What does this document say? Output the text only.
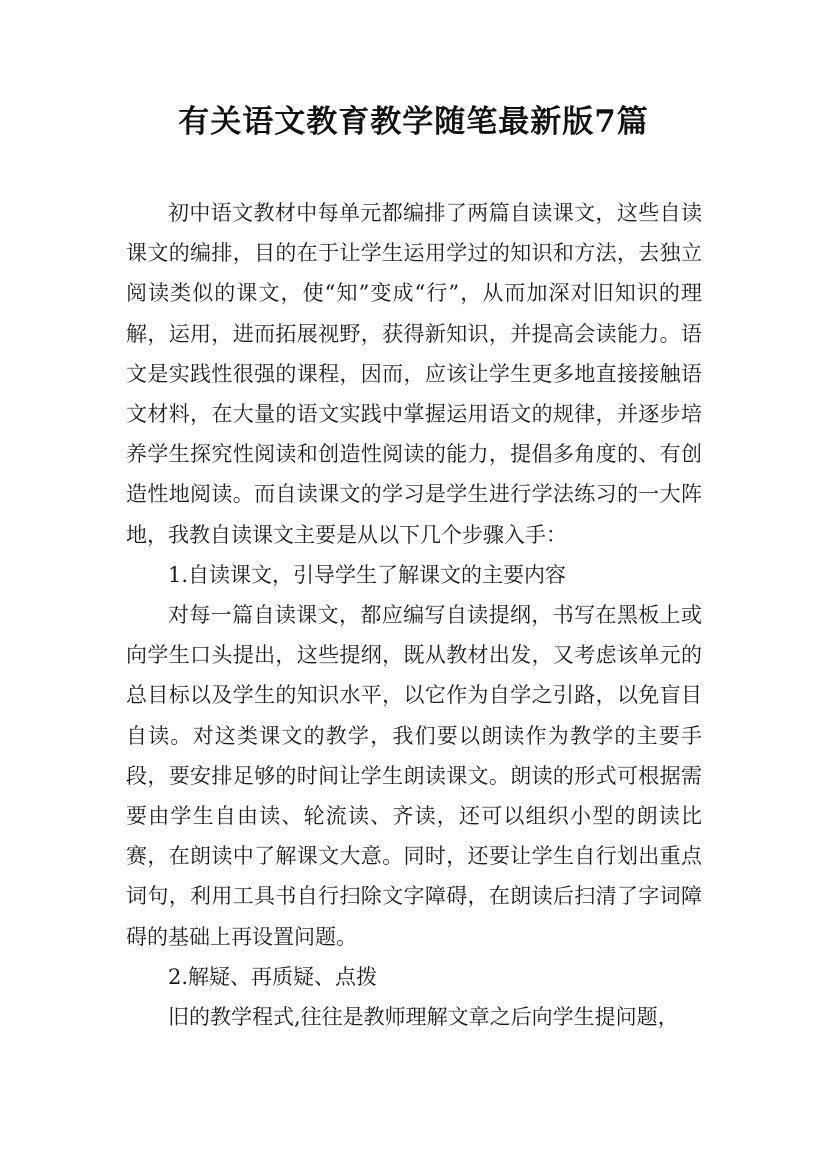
有关语文教育教学随笔最新版7篇

初中语文教材中每单元都编排了两篇自读课文，这些自读课文的编排，目的在于让学生运用学过的知识和方法，去独立阅读类似的课文，使“知”变成“行”，从而加深对旧知识的理解，运用，进而拓展视野，获得新知识，并提高会读能力。语文是实践性很强的课程，因而，应该让学生更多地直接接触语文材料，在大量的语文实践中掌握运用语文的规律，并逐步培养学生探究性阅读和创造性阅读的能力，提倡多角度的、有创造性地阅读。而自读课文的学习是学生进行学法练习的一大阵地，我教自读课文主要是从以下几个步骤入手：

1.自读课文，引导学生了解课文的主要内容

对每一篇自读课文，都应编写自读提纲，书写在黑板上或向学生口头提出，这些提纲，既从教材出发，又考虑该单元的总目标以及学生的知识水平，以它作为自学之引路，以免盲目自读。对这类课文的教学，我们要以朗读作为教学的主要手段，要安排足够的时间让学生朗读课文。朗读的形式可根据需要由学生自由读、轮流读、齐读，还可以组织小型的朗读比赛，在朗读中了解课文大意。同时，还要让学生自行划出重点词句，利用工具书自行扫除文字障碍，在朗读后扫清了字词障碍的基础上再设置问题。

2.解疑、再质疑、点拨

旧的教学程式,往往是教师理解文章之后向学生提问题，
